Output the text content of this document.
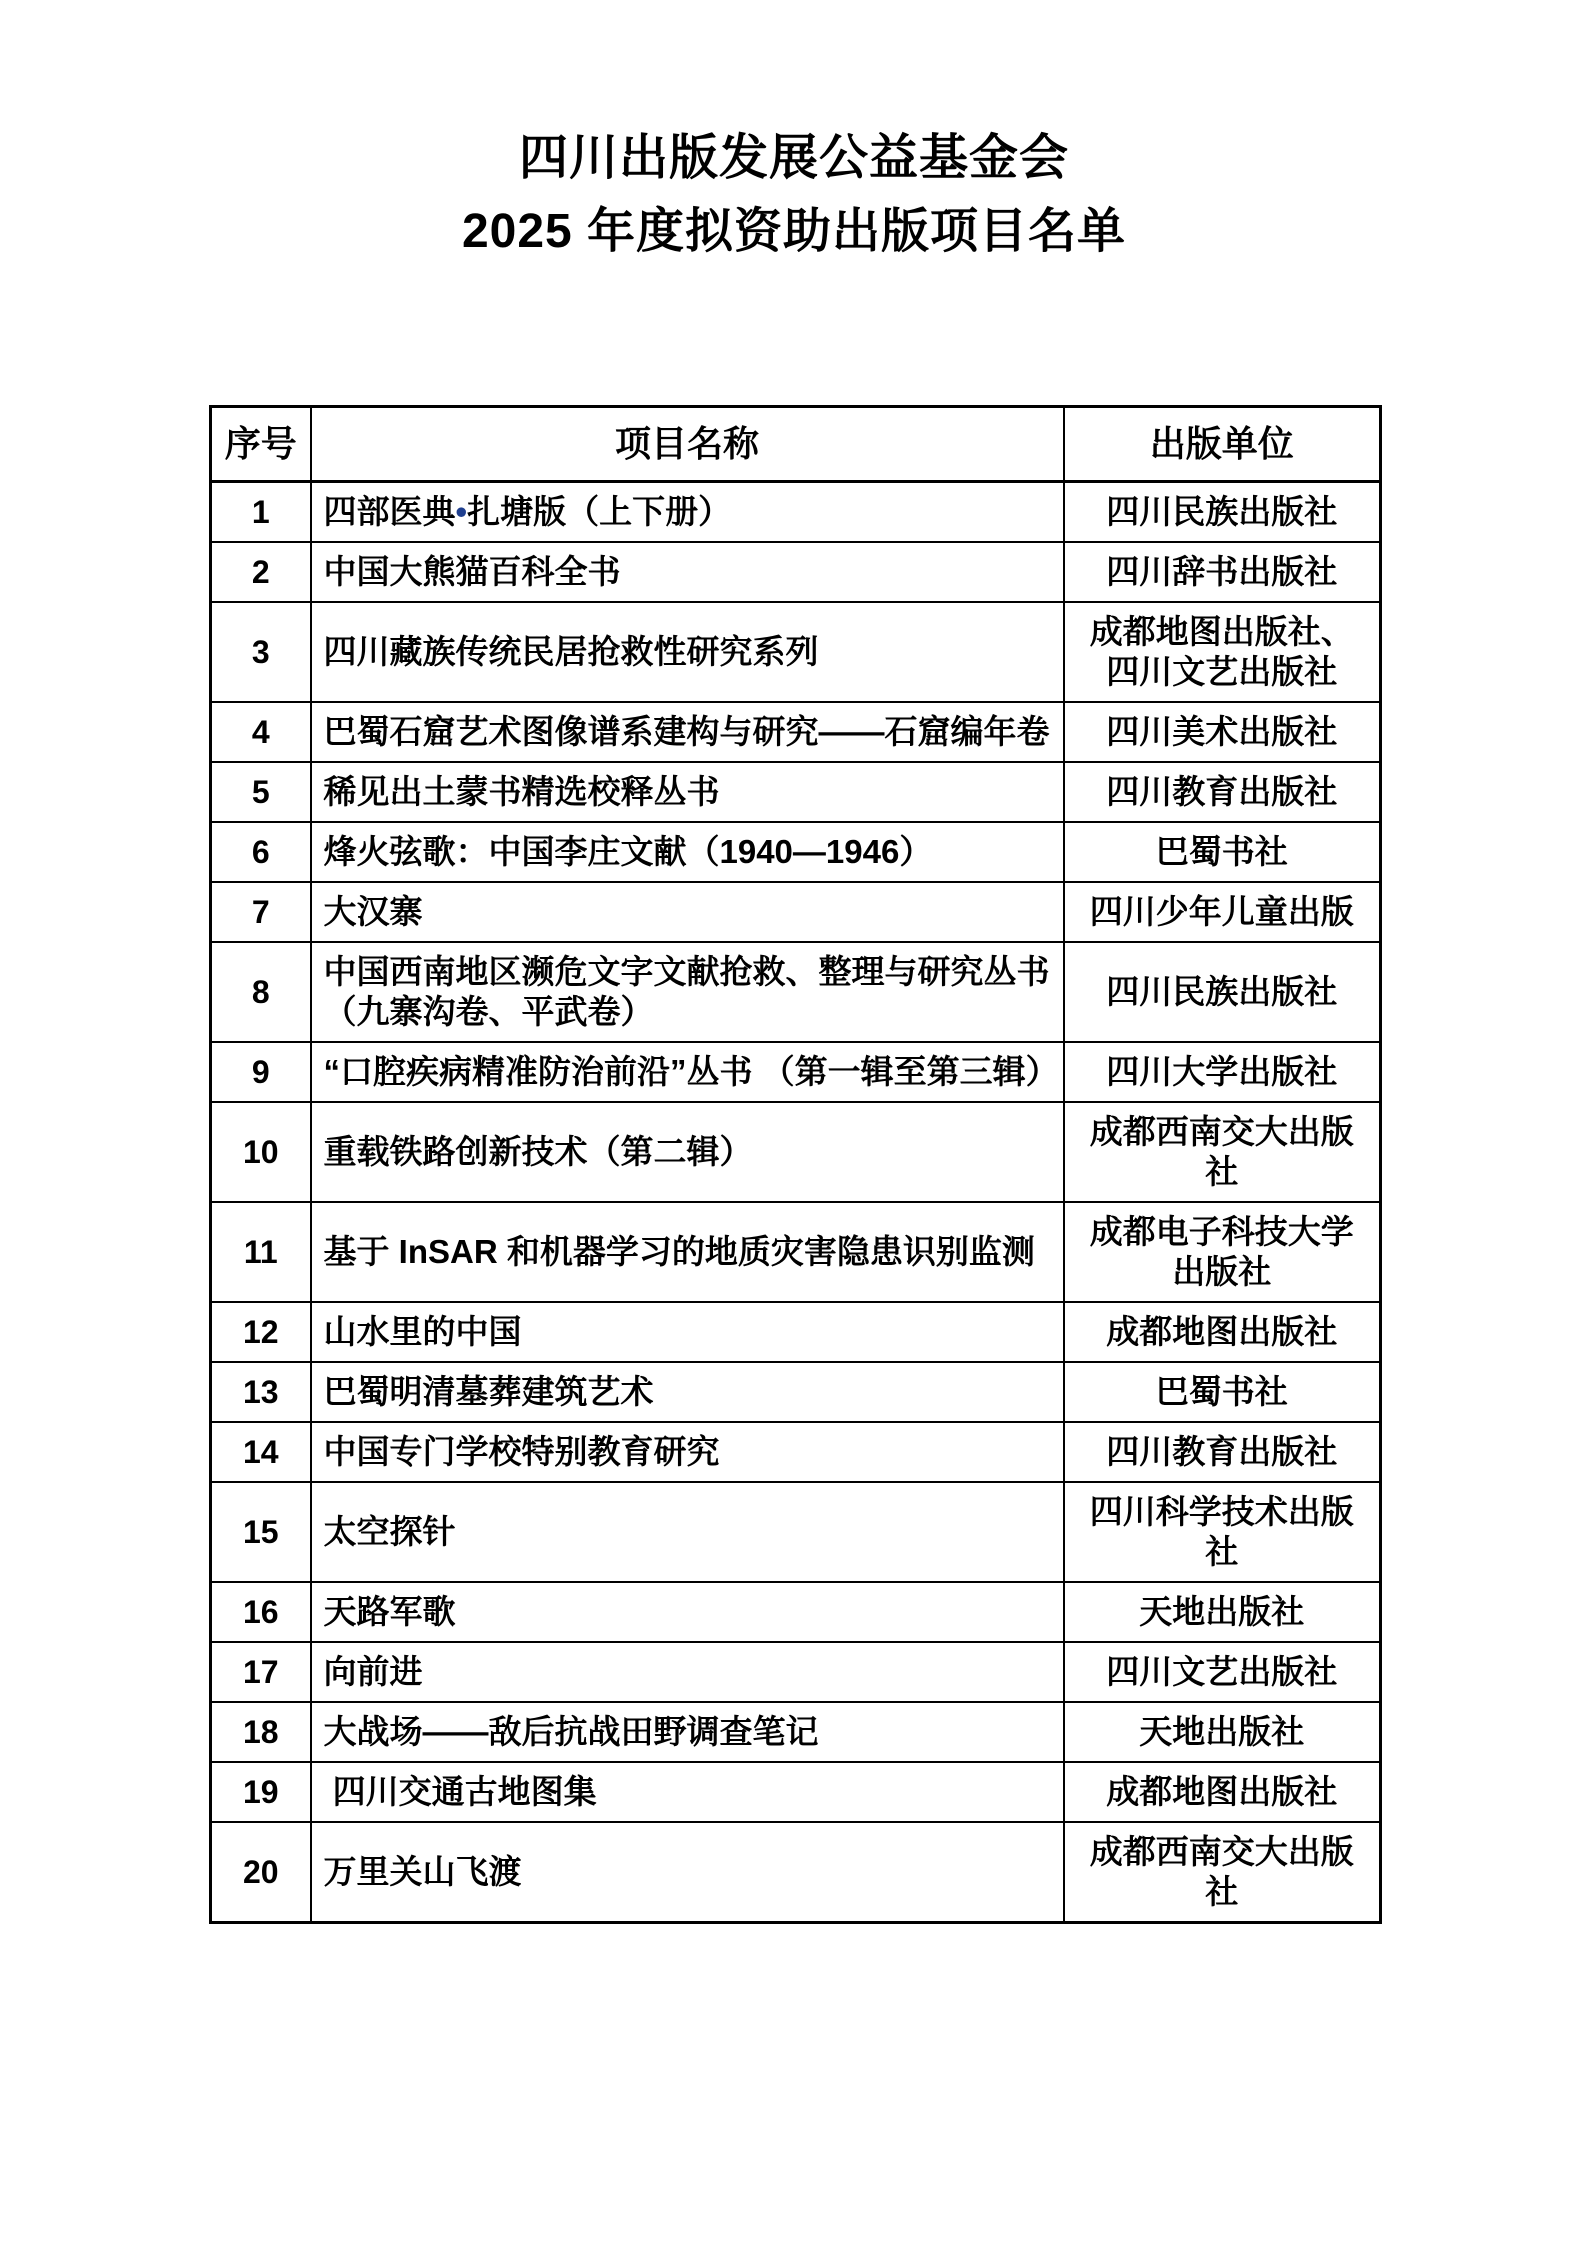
四川出版发展公益基金会
2025 年度拟资助出版项目名单
序号	项目名称	出版单位
1	四部医典•扎塘版（上下册）	四川民族出版社
2	中国大熊猫百科全书	四川辞书出版社
3	四川藏族传统民居抢救性研究系列	成都地图出版社、四川文艺出版社
4	巴蜀石窟艺术图像谱系建构与研究——石窟编年卷	四川美术出版社
5	稀见出土蒙书精选校释丛书	四川教育出版社
6	烽火弦歌：中国李庄文献（1940—1946）	巴蜀书社
7	大汉寨	四川少年儿童出版
8	中国西南地区濒危文字文献抢救、整理与研究丛书（九寨沟卷、平武卷）	四川民族出版社
9	“口腔疾病精准防治前沿”丛书 （第一辑至第三辑）	四川大学出版社
10	重载铁路创新技术（第二辑）	成都西南交大出版社
11	基于 InSAR 和机器学习的地质灾害隐患识别监测	成都电子科技大学出版社
12	山水里的中国	成都地图出版社
13	巴蜀明清墓葬建筑艺术	巴蜀书社
14	中国专门学校特别教育研究	四川教育出版社
15	太空探针	四川科学技术出版社
16	天路军歌	天地出版社
17	向前进	四川文艺出版社
18	大战场——敌后抗战田野调查笔记	天地出版社
19	四川交通古地图集	成都地图出版社
20	万里关山飞渡	成都西南交大出版社
